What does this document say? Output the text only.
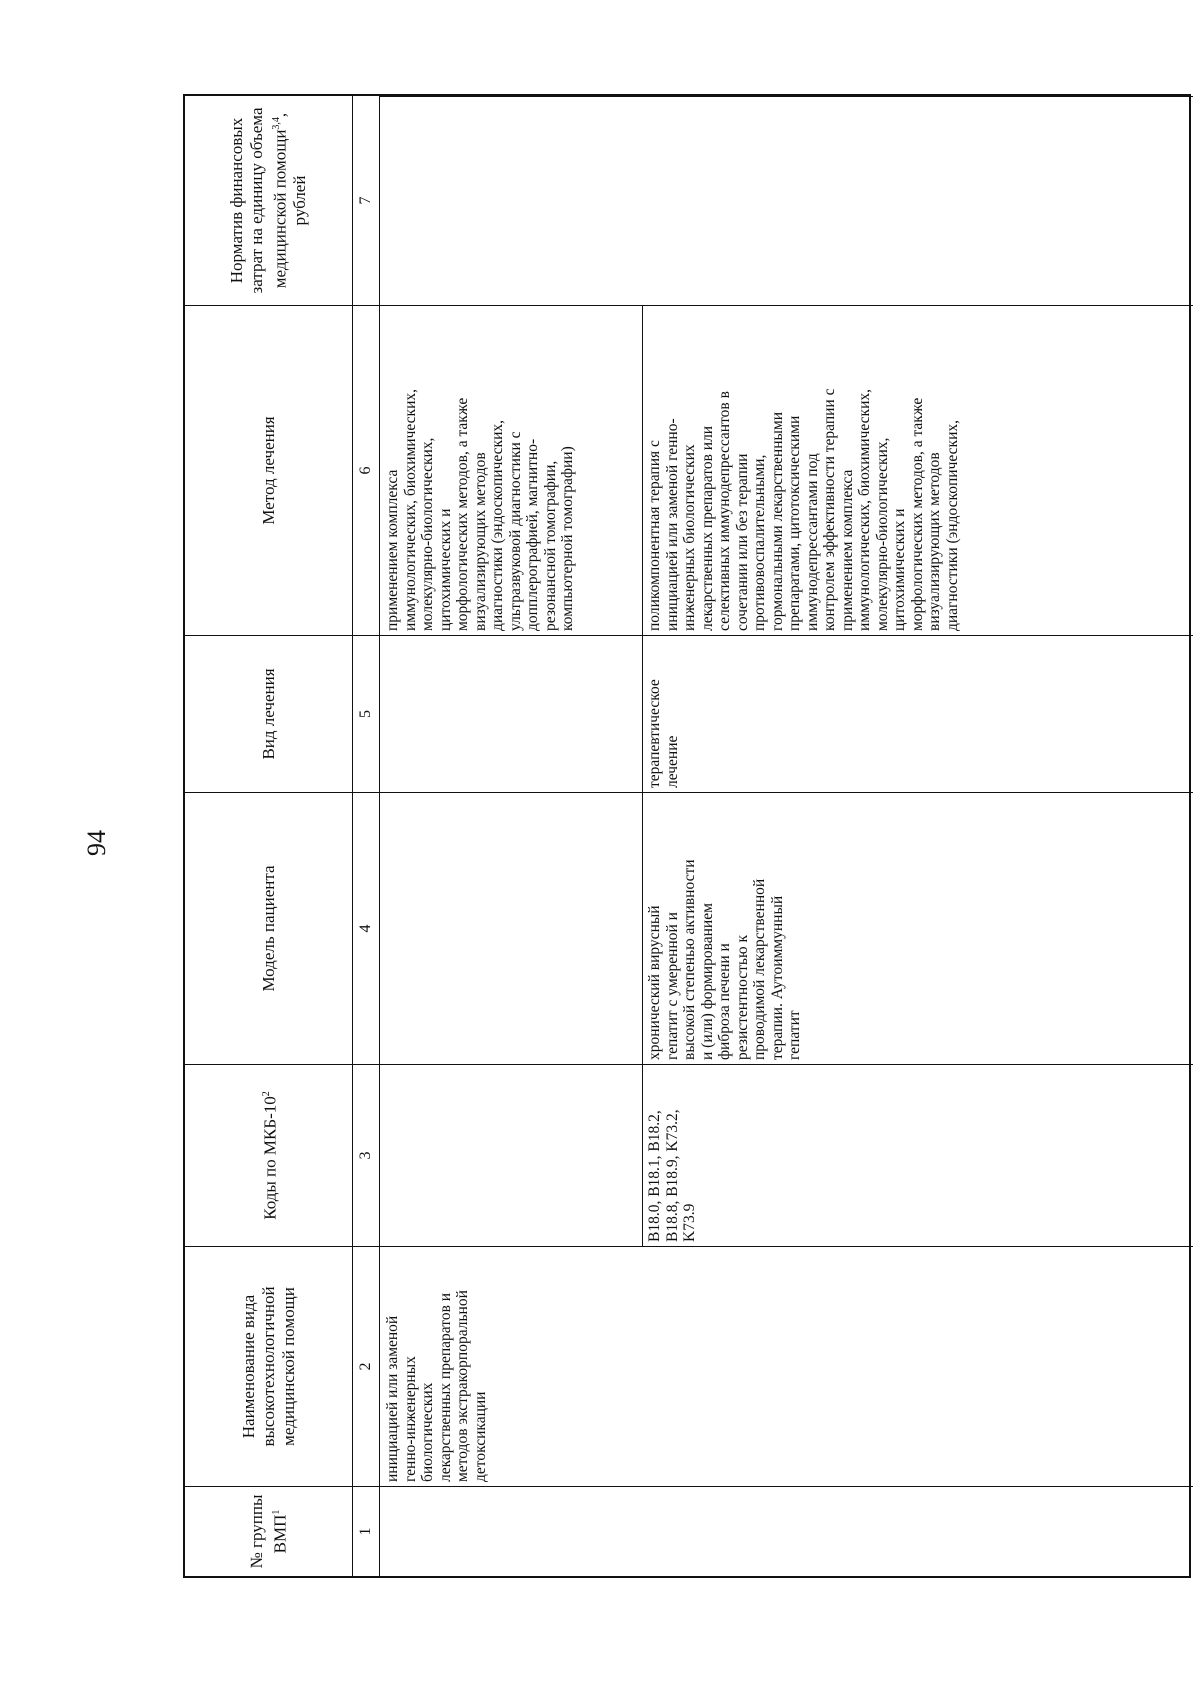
94
№ группы ВМП$^1$
Наименование вида высокотехнологичной медицинской помощи
Коды по МКБ-$10^2$
Модель пациента
Вид лечения
Метод лечения
Норматив финансовых затрат на единицу объема медицинской помощи$^{3,4}$, рублей
1
2
3
4
5
6
7
инициацией или заменой генно-инженерных биологических лекарственных препаратов и методов экстракорпоральной детоксикации
применением комплекса иммунологических, биохимических, молекулярно-биологических, цитохимических и морфологических методов, а также визуализирующих методов диагностики (эндоскопических, ультразвуковой диагностики с допплерографией, магнитно- резонансной томографии, компьютерной томографии)
B18.0, B18.1, B18.2, B18.8, B18.9, K73.2, K73.9
хронический вирусный гепатит с умеренной и высокой степенью активности и (или) формированием фиброза печени и резистентностью к проводимой лекарственной терапии. Аутоиммунный гепатит
терапевтическое лечение
поликомпонентная терапия с инициацией или заменой генно- инженерных биологических лекарственных препаратов или селективных иммунодепрессантов в сочетании или без терапии противовоспалительными, гормональными лекарственными препаратами, цитотоксическими иммунодепрессантами под контролем эффективности терапии с применением комплекса иммунологических, биохимических, молекулярно-биологических, цитохимических и морфологических методов, а также визуализирующих методов диагностики (эндоскопических,
